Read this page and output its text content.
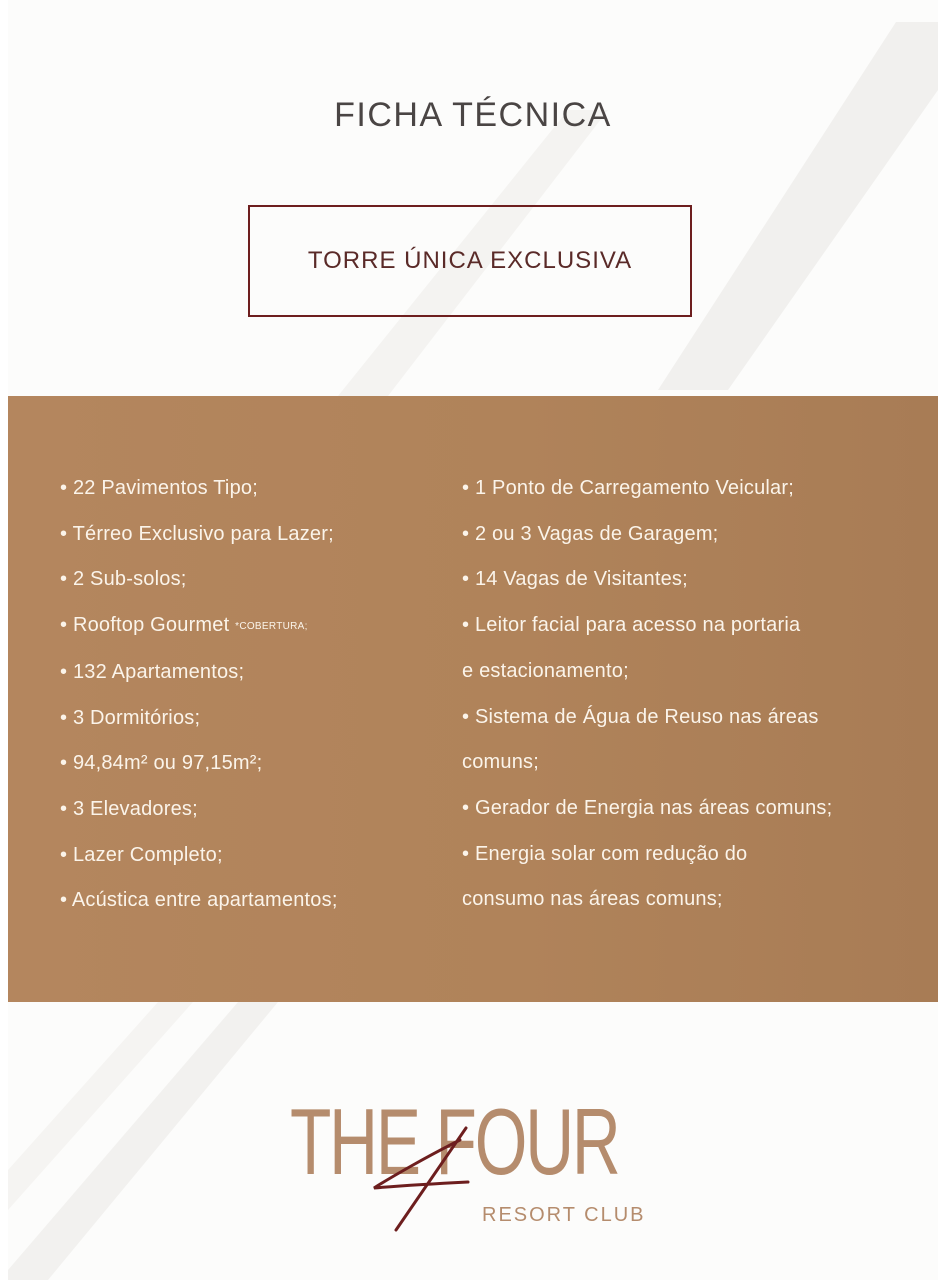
FICHA TÉCNICA
TORRE ÚNICA EXCLUSIVA
• 22 Pavimentos Tipo;
• Térreo Exclusivo para Lazer;
• 2 Sub-solos;
• Rooftop Gourmet *COBERTURA;
• 132 Apartamentos;
• 3 Dormitórios;
• 94,84m² ou 97,15m²;
• 3 Elevadores;
• Lazer Completo;
• Acústica entre apartamentos;
• 1 Ponto de Carregamento Veicular;
• 2 ou 3 Vagas de Garagem;
• 14 Vagas de Visitantes;
• Leitor facial para acesso na portaria
e estacionamento;
• Sistema de Água de Reuso nas áreas
comuns;
• Gerador de Energia nas áreas comuns;
• Energia solar com redução do
consumo nas áreas comuns;
THE FOUR
RESORT CLUB
